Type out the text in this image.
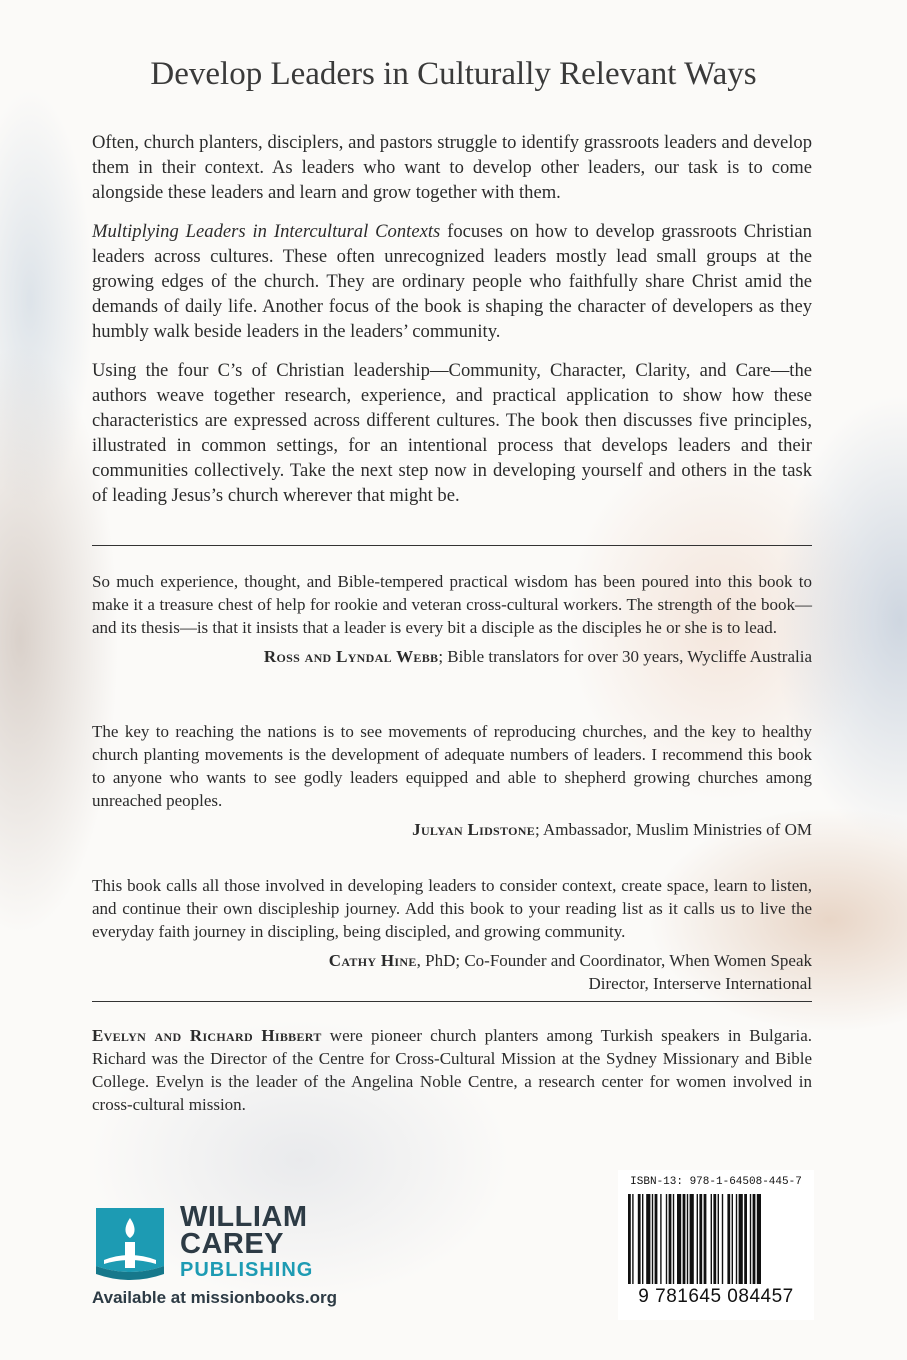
Develop Leaders in Culturally Relevant Ways

Often, church planters, disciplers, and pastors struggle to identify grassroots leaders and develop them in their context. As leaders who want to develop other leaders, our task is to come alongside these leaders and learn and grow together with them.

Multiplying Leaders in Intercultural Contexts focuses on how to develop grassroots Christian leaders across cultures. These often unrecognized leaders mostly lead small groups at the growing edges of the church. They are ordinary people who faithfully share Christ amid the demands of daily life. Another focus of the book is shaping the character of developers as they humbly walk beside leaders in the leaders’ community.

Using the four C’s of Christian leadership—Community, Character, Clarity, and Care—the authors weave together research, experience, and practical application to show how these characteristics are expressed across different cultures. The book then discusses five principles, illustrated in common settings, for an intentional process that develops leaders and their communities collectively. Take the next step now in developing yourself and others in the task of leading Jesus’s church wherever that might be.

So much experience, thought, and Bible-tempered practical wisdom has been poured into this book to make it a treasure chest of help for rookie and veteran cross-cultural workers. The strength of the book—and its thesis—is that it insists that a leader is every bit a disciple as the disciples he or she is to lead.

Ross and Lyndal Webb; Bible translators for over 30 years, Wycliffe Australia

The key to reaching the nations is to see movements of reproducing churches, and the key to healthy church planting movements is the development of adequate numbers of leaders. I recommend this book to anyone who wants to see godly leaders equipped and able to shepherd growing churches among unreached peoples.

Julyan Lidstone; Ambassador, Muslim Ministries of OM

This book calls all those involved in developing leaders to consider context, create space, learn to listen, and continue their own discipleship journey. Add this book to your reading list as it calls us to live the everyday faith journey in discipling, being discipled, and growing community.

Cathy Hine, PhD; Co-Founder and Coordinator, When Women Speak
Director, Interserve International

Evelyn and Richard Hibbert were pioneer church planters among Turkish speakers in Bulgaria. Richard was the Director of the Centre for Cross-Cultural Mission at the Sydney Missionary and Bible College. Evelyn is the leader of the Angelina Noble Centre, a research center for women involved in cross-cultural mission.

WILLIAM
CAREY
PUBLISHING
Available at missionbooks.org
ISBN-13: 978-1-64508-445-7
9 781645 084457
